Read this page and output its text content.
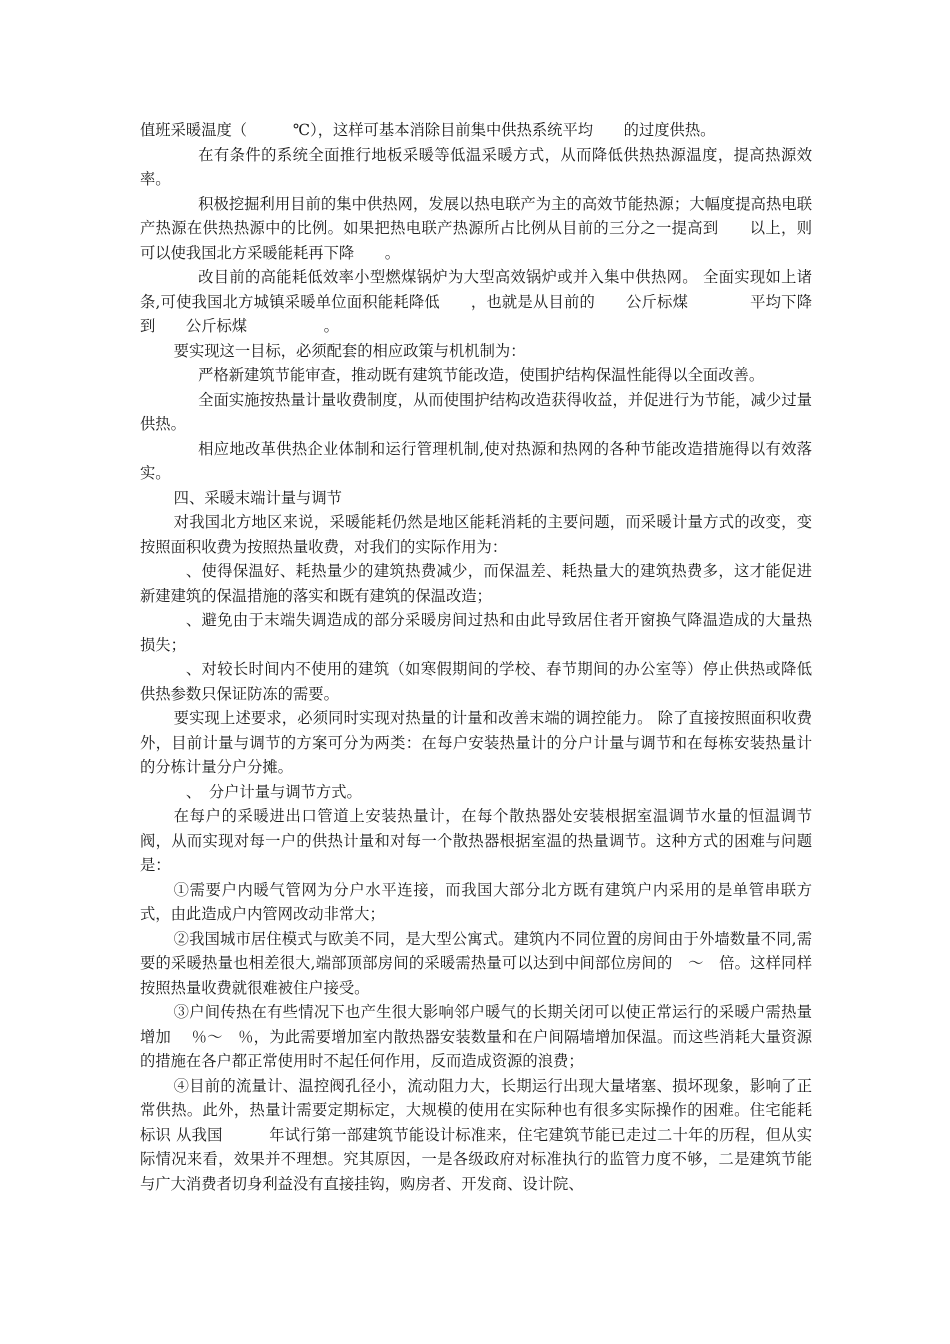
值班采暖温度（　　　℃），这样可基本消除目前集中供热系统平均　　的过度供热。

在有条件的系统全面推行地板采暖等低温采暖方式，从而降低供热热源温度，提高热源效率。

积极挖掘利用目前的集中供热网，发展以热电联产为主的高效节能热源；大幅度提高热电联产热源在供热热源中的比例。如果把热电联产热源所占比例从目前的三分之一提高到　　以上，则可以使我国北方采暖能耗再下降　　。

改目前的高能耗低效率小型燃煤锅炉为大型高效锅炉或并入集中供热网。 全面实现如上诸条,可使我国北方城镇采暖单位面积能耗降低　　，也就是从目前的　　公斤标煤　　　　平均下降到　　公斤标煤　　　　　。

要实现这一目标，必须配套的相应政策与机机制为：

严格新建筑节能审查，推动既有建筑节能改造，使围护结构保温性能得以全面改善。

全面实施按热量计量收费制度，从而使围护结构改造获得收益，并促进行为节能，减少过量供热。

相应地改革供热企业体制和运行管理机制,使对热源和热网的各种节能改造措施得以有效落实。

四、采暖末端计量与调节

对我国北方地区来说，采暖能耗仍然是地区能耗消耗的主要问题，而采暖计量方式的改变，变按照面积收费为按照热量收费，对我们的实际作用为：

、使得保温好、耗热量少的建筑热费减少，而保温差、耗热量大的建筑热费多，这才能促进新建建筑的保温措施的落实和既有建筑的保温改造；

、避免由于末端失调造成的部分采暖房间过热和由此导致居住者开窗换气降温造成的大量热损失；

、对较长时间内不使用的建筑（如寒假期间的学校、春节期间的办公室等）停止供热或降低供热参数只保证防冻的需要。

要实现上述要求，必须同时实现对热量的计量和改善末端的调控能力。 除了直接按照面积收费外，目前计量与调节的方案可分为两类：在每户安装热量计的分户计量与调节和在每栋安装热量计的分栋计量分户分摊。

、　分户计量与调节方式。

在每户的采暖进出口管道上安装热量计，在每个散热器处安装根据室温调节水量的恒温调节阀，从而实现对每一户的供热计量和对每一个散热器根据室温的热量调节。这种方式的困难与问题是：

①需要户内暖气管网为分户水平连接，而我国大部分北方既有建筑户内采用的是单管串联方式，由此造成户内管网改动非常大；

②我国城市居住模式与欧美不同，是大型公寓式。建筑内不同位置的房间由于外墙数量不同,需要的采暖热量也相差很大,端部顶部房间的采暖需热量可以达到中间部位房间的　～　倍。这样同样按照热量收费就很难被住户接受。

③户间传热在有些情况下也产生很大影响邻户暖气的长期关闭可以使正常运行的采暖户需热量增加　 ％～　％，为此需要增加室内散热器安装数量和在户间隔墙增加保温。而这些消耗大量资源的措施在各户都正常使用时不起任何作用，反而造成资源的浪费；

④目前的流量计、温控阀孔径小，流动阻力大，长期运行出现大量堵塞、损坏现象，影响了正常供热。此外，热量计需要定期标定，大规模的使用在实际种也有很多实际操作的困难。住宅能耗标识 从我国　　　年试行第一部建筑节能设计标准来，住宅建筑节能已走过二十年的历程，但从实际情况来看，效果并不理想。究其原因，一是各级政府对标准执行的监管力度不够，二是建筑节能与广大消费者切身利益没有直接挂钩，购房者、开发商、设计院、
